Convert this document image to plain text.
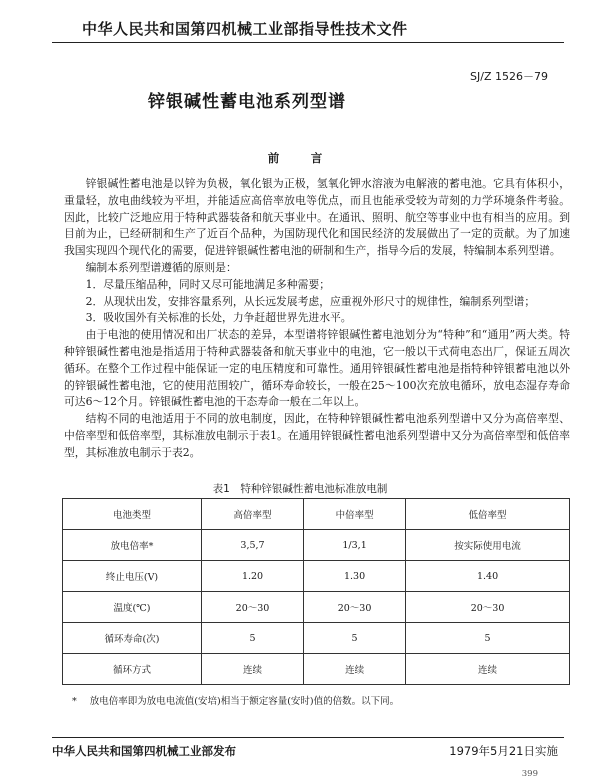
中华人民共和国第四机械工业部指导性技术文件
SJ/Z 1526－79
锌银碱性蓄电池系列型谱
前　言

锌银碱性蓄电池是以锌为负极，氧化银为正极，氢氧化钾水溶液为电解液的蓄电池。它具有体积小，重量轻，放电曲线较为平坦，并能适应高倍率放电等优点，而且也能承受较为苛刻的力学环境条件考验。因此，比较广泛地应用于特种武器装备和航天事业中。在通讯、照明、航空等事业中也有相当的应用。到目前为止，已经研制和生产了近百个品种，为国防现代化和国民经济的发展做出了一定的贡献。为了加速我国实现四个现代化的需要，促进锌银碱性蓄电池的研制和生产，指导今后的发展，特编制本系列型谱。

编制本系列型谱遵循的原则是：

1．尽量压缩品种，同时又尽可能地满足多种需要；

2．从现状出发，安排容量系列，从长远发展考虑，应重视外形尺寸的规律性，编制系列型谱；

3．吸收国外有关标准的长处，力争赶超世界先进水平。

由于电池的使用情况和出厂状态的差异，本型谱将锌银碱性蓄电池划分为“特种”和“通用”两大类。特种锌银碱性蓄电池是指适用于特种武器装备和航天事业中的电池，它一般以干式荷电态出厂，保证五周次循环。在整个工作过程中能保证一定的电压精度和可靠性。通用锌银碱性蓄电池是指特种锌银蓄电池以外的锌银碱性蓄电池，它的使用范围较广，循环寿命较长，一般在25～100次充放电循环，放电态湿存寿命可达6～12个月。锌银碱性蓄电池的干态寿命一般在二年以上。

结构不同的电池适用于不同的放电制度，因此，在特种锌银碱性蓄电池系列型谱中又分为高倍率型、中倍率型和低倍率型，其标准放电制示于表1。在通用锌银碱性蓄电池系列型谱中又分为高倍率型和低倍率型，其标准放电制示于表2。

表1　特种锌银碱性蓄电池标准放电制
电池类型	高倍率型	中倍率型	低倍率型
放电倍率*	3,5,7	1/3,1	按实际使用电流
终止电压(V)	1.20	1.30	1.40
温度(℃)	20～30	20～30	20～30
循环寿命(次)	5	5	5
循环方式	连续	连续	连续
* 放电倍率即为放电电流值(安培)相当于额定容量(安时)值的倍数。以下同。
中华人民共和国第四机械工业部发布	1979年5月21日实施
399
